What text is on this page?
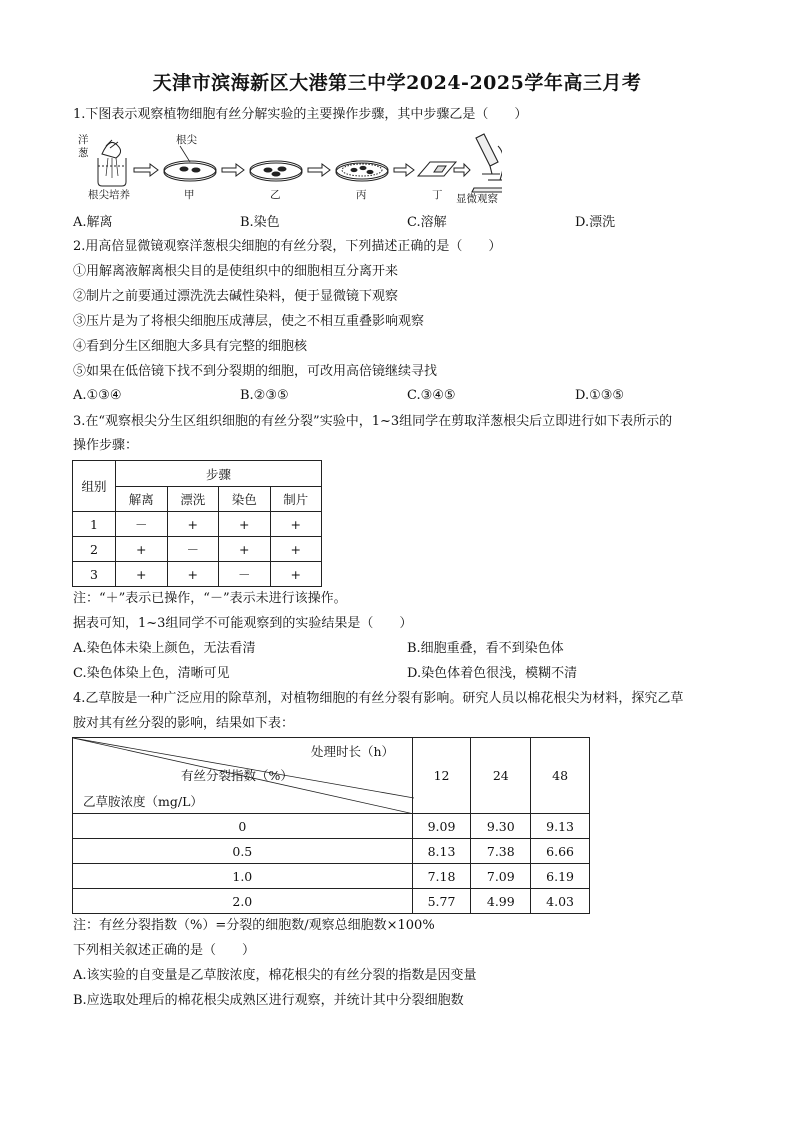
天津市滨海新区大港第三中学2024-2025学年高三月考
1.下图表示观察植物细胞有丝分解实验的主要操作步骤，其中步骤乙是（　　）
洋
葱
根尖培养
根尖
甲	乙	丙	丁 显微观察
A.解离	B.染色	C.溶解	D.漂洗
2.用高倍显微镜观察洋葱根尖细胞的有丝分裂，下列描述正确的是（　　）
①用解离液解离根尖目的是使组织中的细胞相互分离开来
②制片之前要通过漂洗洗去碱性染料，便于显微镜下观察
③压片是为了将根尖细胞压成薄层，使之不相互重叠影响观察
④看到分生区细胞大多具有完整的细胞核
⑤如果在低倍镜下找不到分裂期的细胞，可改用高倍镜继续寻找
A.①③④	B.②③⑤	C.③④⑤	D.①③⑤
3.在“观察根尖分生区组织细胞的有丝分裂”实验中，1~3组同学在剪取洋葱根尖后立即进行如下表所示的
操作步骤：
组别	步骤			
	解离	漂洗	染色	制片
1	－	+	+	+
2	+	－	+	+
3	+	+	－	+
注：“＋”表示已操作，“－”表示未进行该操作。
据表可知，1~3组同学不可能观察到的实验结果是（　　）
A.染色体未染上颜色，无法看清	B.细胞重叠，看不到染色体
C.染色体染上色，清晰可见	D.染色体着色很浅，模糊不清
4.乙草胺是一种广泛应用的除草剂，对植物细胞的有丝分裂有影响。研究人员以棉花根尖为材料，探究乙草
胺对其有丝分裂的影响，结果如下表：
处理时长（h）
有丝分裂指数（%）
乙草胺浓度（mg/L）	12	24	48
0	9.09	9.30	9.13
0.5	8.13	7.38	6.66
1.0	7.18	7.09	6.19
2.0	5.77	4.99	4.03
注：有丝分裂指数（%）=分裂的细胞数/观察总细胞数×100%
下列相关叙述正确的是（　　）
A.该实验的自变量是乙草胺浓度，棉花根尖的有丝分裂的指数是因变量
B.应选取处理后的棉花根尖成熟区进行观察，并统计其中分裂细胞数
